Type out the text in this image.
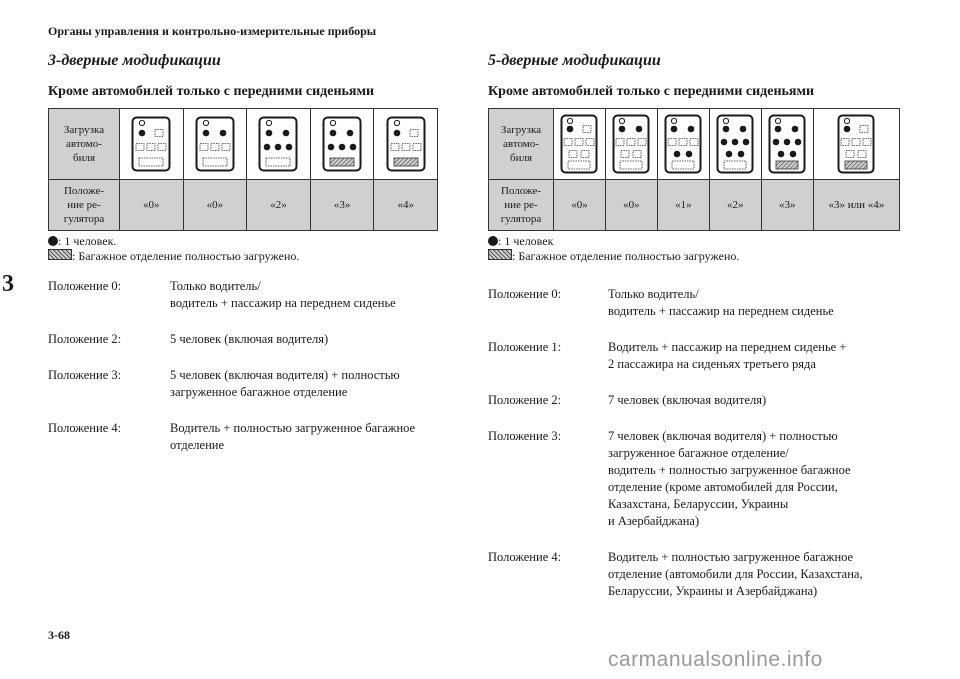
Органы управления и контрольно-измерительные приборы
3
3-дверные модификации
Кроме автомобилей только с передними сиденьями
Загрузка
автомо-
биля

Положе-
ние ре-
гулятора	«0»	«0»	«2»	«3»	«4»
: 1 человек.
: Багажное отделение полностью загружено.
Положение 0:	Только водитель/
водитель + пассажир на переднем сиденье
Положение 2:	5 человек (включая водителя)
Положение 3:	5 человек (включая водителя) + полностью
загруженное багажное отделение
Положение 4:	Водитель + полностью загруженное багажное
отделение
5-дверные модификации
Кроме автомобилей только с передними сиденьями
Загрузка
автомо-
биля

Положе-
ние ре-
гулятора	«0»	«0»	«1»	«2»	«3»	«3» или «4»
: 1 человек
: Багажное отделение полностью загружено.
Положение 0:	Только водитель/
водитель + пассажир на переднем сиденье
Положение 1:	Водитель + пассажир на переднем сиденье +
2 пассажира на сиденьях третьего ряда
Положение 2:	7 человек (включая водителя)
Положение 3:	7 человек (включая водителя) + полностью
загруженное багажное отделение/
водитель + полностью загруженное багажное
отделение (кроме автомобилей для России,
Казахстана, Беларуссии, Украины
и Азербайджана)
Положение 4:	Водитель + полностью загруженное багажное
отделение (автомобили для России, Казахстана,
Беларуссии, Украины и Азербайджана)
3-68
carmanualsonline.info
